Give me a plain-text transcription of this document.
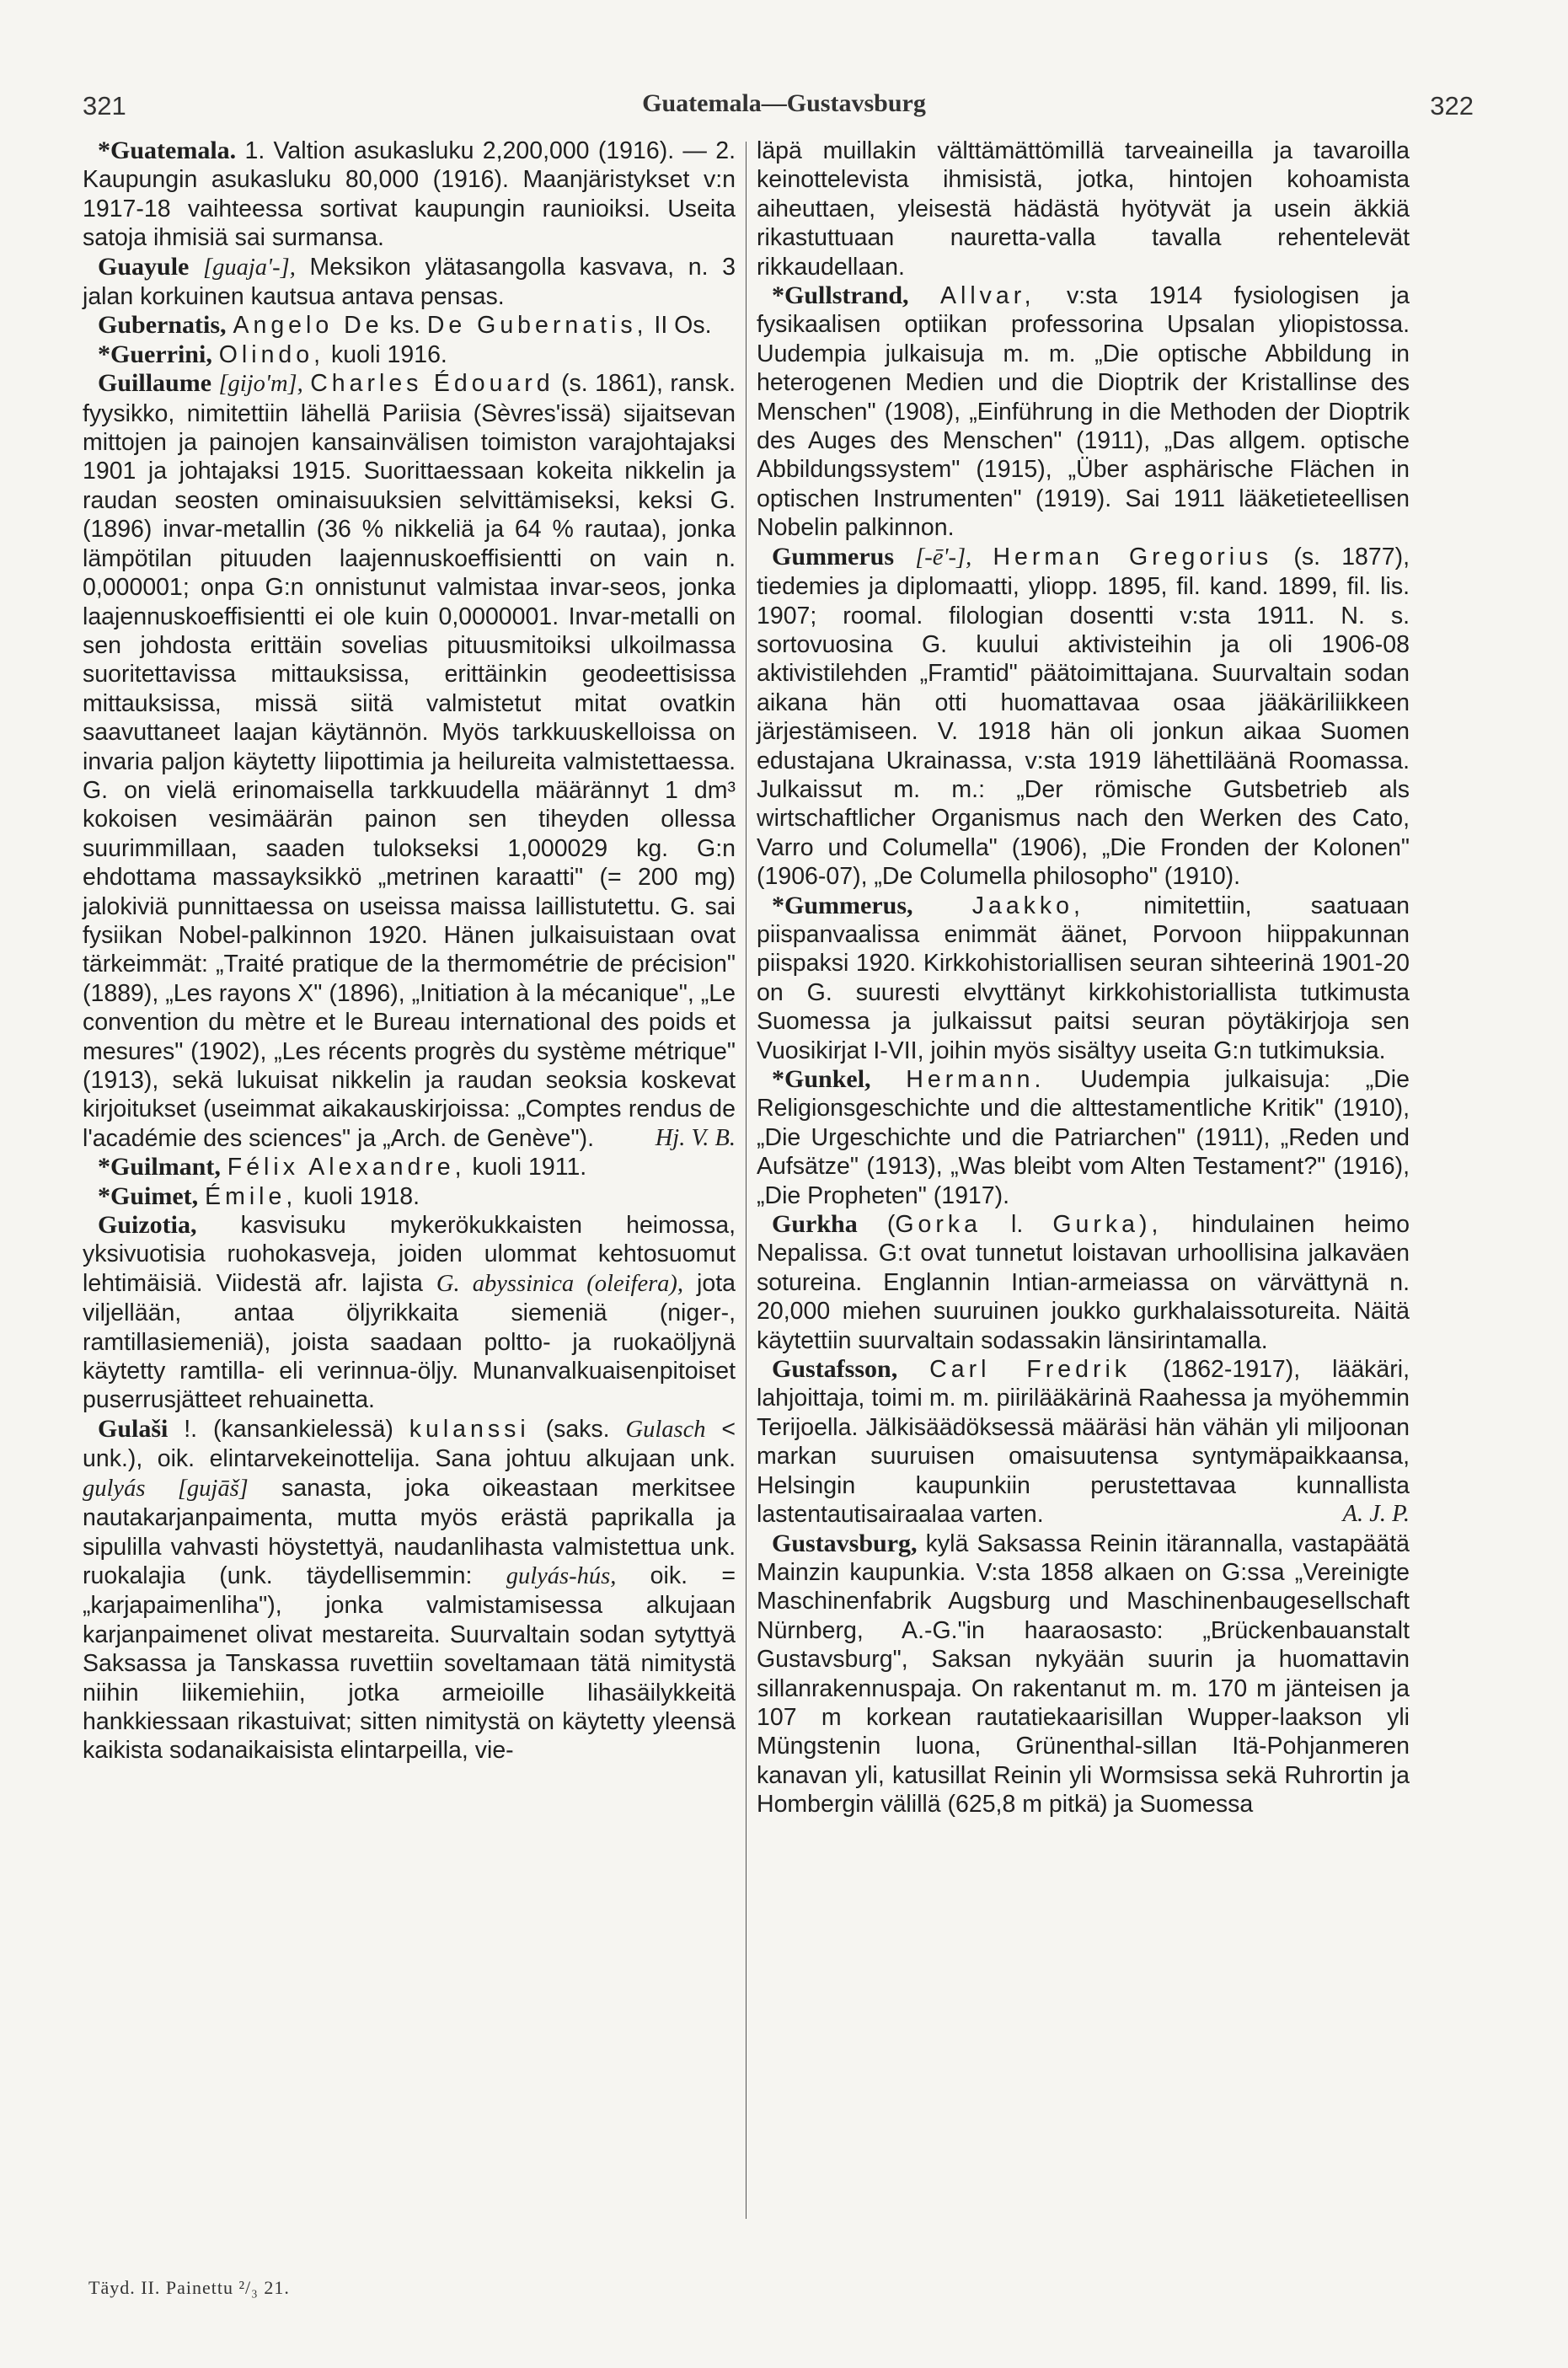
321	Guatemala—Gustavsburg	322

*Guatemala. 1. Valtion asukasluku 2,200,000 (1916). — 2. Kaupungin asukasluku 80,000 (1916). Maanjäristykset v:n 1917-18 vaihteessa sortivat kaupungin raunioiksi. Useita satoja ihmisiä sai surmansa.

Guayule [guaja'-], Meksikon ylätasangolla kasvava, n. 3 jalan korkuinen kautsua antava pensas.

Gubernatis, Angelo De ks. De Gubernatis, II Os.

*Guerrini, Olindo, kuoli 1916.

Guillaume [gijo'm], Charles Édouard (s. 1861), ransk. fyysikko, nimitettiin lähellä Pariisia (Sèvres'issä) sijaitsevan mittojen ja painojen kansainvälisen toimiston varajohtajaksi 1901 ja johtajaksi 1915. Suorittaessaan kokeita nikkelin ja raudan seosten ominaisuuksien selvittämiseksi, keksi G. (1896) invar-metallin (36 % nikkeliä ja 64 % rautaa), jonka lämpötilan pituuden laajennuskoeffisientti on vain n. 0,000001; onpa G:n onnistunut valmistaa invar-seos, jonka laajennuskoeffisientti ei ole kuin 0,0000001. Invar-metalli on sen johdosta erittäin sovelias pituusmitoiksi ulkoilmassa suoritettavissa mittauksissa, erittäinkin geodeettisissa mittauksissa, missä siitä valmistetut mitat ovatkin saavuttaneet laajan käytännön. Myös tarkkuuskelloissa on invaria paljon käytetty liipottimia ja heilureita valmistettaessa. G. on vielä erinomaisella tarkkuudella määrännyt 1 dm³ kokoisen vesimäärän painon sen tiheyden ollessa suurimmillaan, saaden tulokseksi 1,000029 kg. G:n ehdottama massayksikkö „metrinen karaatti" (= 200 mg) jalokiviä punnittaessa on useissa maissa laillistutettu. G. sai fysiikan Nobel-palkinnon 1920. Hänen julkaisuistaan ovat tärkeimmät: „Traité pratique de la thermométrie de précision" (1889), „Les rayons X" (1896), „Initiation à la mécanique", „Le convention du mètre et le Bureau international des poids et mesures" (1902), „Les récents progrès du système métrique" (1913), sekä lukuisat nikkelin ja raudan seoksia koskevat kirjoitukset (useimmat aikakauskirjoissa: „Comptes rendus de l'académie des sciences" ja „Arch. de Genève").	Hj. V. B.

*Guilmant, Félix Alexandre, kuoli 1911.

*Guimet, Émile, kuoli 1918.

Guizotia, kasvisuku mykerökukkaisten heimossa, yksivuotisia ruohokasveja, joiden ulommat kehtosuomut lehtimäisiä. Viidestä afr. lajista G. abyssinica (oleifera), jota viljellään, antaa öljyrikkaita siemeniä (niger-, ramtillasiemeniä), joista saadaan poltto- ja ruokaöljynä käytetty ramtilla- eli verinnua-öljy. Munanvalkuaisenpitoiset puserrusjätteet rehuainetta.

Gulaši !. (kansankielessä) kulanssi (saks. Gulasch < unk.), oik. elintarvekeinottelija. Sana johtuu alkujaan unk. gulyás [gujāš] sanasta, joka oikeastaan merkitsee nautakarjanpaimenta, mutta myös erästä paprikalla ja sipulilla vahvasti höystettyä, naudanlihasta valmistettua unk. ruokalajia (unk. täydellisemmin: gulyás-hús, oik. = „karjapaimenliha"), jonka valmistamisessa alkujaan karjanpaimenet olivat mestareita. Suurvaltain sodan sytyttyä Saksassa ja Tanskassa ruvettiin soveltamaan tätä nimitystä niihin liikemiehiin, jotka armeioille lihasäilykkeitä hankkiessaan rikastuivat; sitten nimitystä on käytetty yleensä kaikista sodanaikaisista elintarpeilla, vie-

läpä muillakin välttämättömillä tarveaineilla ja tavaroilla keinottelevista ihmisistä, jotka, hintojen kohoamista aiheuttaen, yleisestä hädästä hyötyvät ja usein äkkiä rikastuttuaan nauretta-valla tavalla rehentelevät rikkaudellaan.

*Gullstrand, Allvar, v:sta 1914 fysiologisen ja fysikaalisen optiikan professorina Upsalan yliopistossa. Uudempia julkaisuja m. m. „Die optische Abbildung in heterogenen Medien und die Dioptrik der Kristallinse des Menschen" (1908), „Einführung in die Methoden der Dioptrik des Auges des Menschen" (1911), „Das allgem. optische Abbildungssystem" (1915), „Über asphärische Flächen in optischen Instrumenten" (1919). Sai 1911 lääketieteellisen Nobelin palkinnon.

Gummerus [-ē'-], Herman Gregorius (s. 1877), tiedemies ja diplomaatti, yliopp. 1895, fil. kand. 1899, fil. lis. 1907; roomal. filologian dosentti v:sta 1911. N. s. sortovuosina G. kuului aktivisteihin ja oli 1906-08 aktivistilehden „Framtid" päätoimittajana. Suurvaltain sodan aikana hän otti huomattavaa osaa jääkäriliikkeen järjestämiseen. V. 1918 hän oli jonkun aikaa Suomen edustajana Ukrainassa, v:sta 1919 lähettiläänä Roomassa. Julkaissut m. m.: „Der römische Gutsbetrieb als wirtschaftlicher Organismus nach den Werken des Cato, Varro und Columella" (1906), „Die Fronden der Kolonen" (1906-07), „De Columella philosopho" (1910).

*Gummerus, Jaakko, nimitettiin, saatuaan piispanvaalissa enimmät äänet, Porvoon hiippakunnan piispaksi 1920. Kirkkohistoriallisen seuran sihteerinä 1901-20 on G. suuresti elvyttänyt kirkkohistoriallista tutkimusta Suomessa ja julkaissut paitsi seuran pöytäkirjoja sen Vuosikirjat I-VII, joihin myös sisältyy useita G:n tutkimuksia.

*Gunkel, Hermann. Uudempia julkaisuja: „Die Religionsgeschichte und die alttestamentliche Kritik" (1910), „Die Urgeschichte und die Patriarchen" (1911), „Reden und Aufsätze" (1913), „Was bleibt vom Alten Testament?" (1916), „Die Propheten" (1917).

Gurkha (Gorka l. Gurka), hindulainen heimo Nepalissa. G:t ovat tunnetut loistavan urhoollisina jalkaväen sotureina. Englannin Intian-armeiassa on värvättynä n. 20,000 miehen suuruinen joukko gurkhalaissotureita. Näitä käytettiin suurvaltain sodassakin länsirintamalla.

Gustafsson, Carl Fredrik (1862-1917), lääkäri, lahjoittaja, toimi m. m. piirilääkärinä Raahessa ja myöhemmin Terijoella. Jälkisäädöksessä määräsi hän vähän yli miljoonan markan suuruisen omaisuutensa syntymäpaikkaansa, Helsingin kaupunkiin perustettavaa kunnallista lastentautisairaalaa varten.	A. J. P.

Gustavsburg, kylä Saksassa Reinin itärannalla, vastapäätä Mainzin kaupunkia. V:sta 1858 alkaen on G:ssa „Vereinigte Maschinenfabrik Augsburg und Maschinenbaugesellschaft Nürnberg, A.-G."in haaraosasto: „Brückenbauanstalt Gustavsburg", Saksan nykyään suurin ja huomattavin sillanrakennuspaja. On rakentanut m. m. 170 m jänteisen ja 107 m korkean rautatiekaarisillan Wupper-laakson yli Müngstenin luona, Grünenthal-sillan Itä-Pohjanmeren kanavan yli, katusillat Reinin yli Wormsissa sekä Ruhrortin ja Hombergin välillä (625,8 m pitkä) ja Suomessa

Täyd. II. Painettu ²/₃ 21.
